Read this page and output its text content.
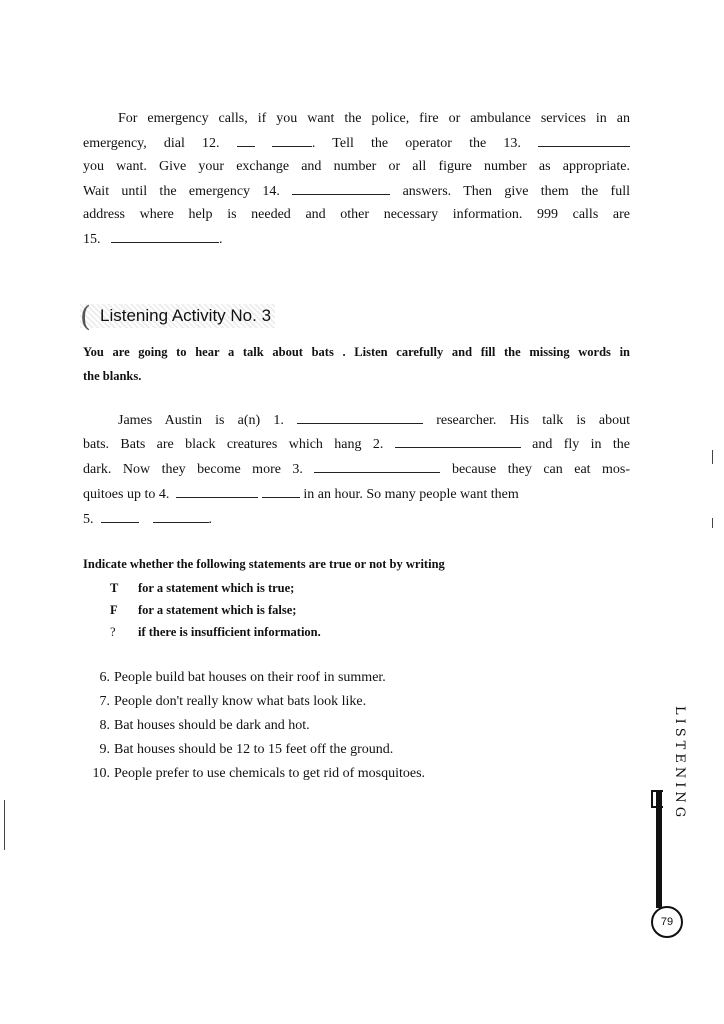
For emergency calls, if you want the police, fire or ambulance services in an
emergency, dial 12.	. Tell the operator the 13.
you want. Give your exchange and number or all figure number as appropriate.
Wait until the emergency 14.	answers. Then give them the full
address where help is needed and other necessary information. 999 calls are
15.	.
( Listening Activity No. 3
You are going to hear a talk about bats . Listen carefully and fill the missing words in
the blanks.
James Austin is a(n) 1.	researcher. His talk is about
bats. Bats are black creatures which hang 2.	and fly in the
dark. Now they become more 3.	because they can eat mos-
quitoes up to 4.	in an hour. So many people want them
5.	.
Indicate whether the following statements are true or not by writing
T for a statement which is true;
F for a statement which is false;
? if there is insufficient information.
6. People build bat houses on their roof in summer.
7. People don't really know what bats look like.
8. Bat houses should be dark and hot.
9. Bat houses should be 12 to 15 feet off the ground.
10. People prefer to use chemicals to get rid of mosquitoes.	LISTENING
79
